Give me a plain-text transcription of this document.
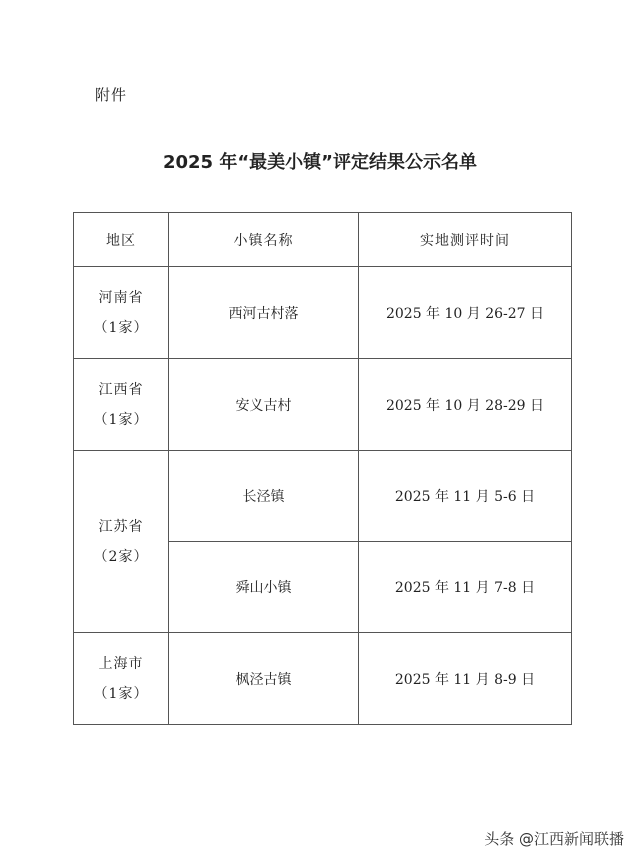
附件
2025 年“最美小镇”评定结果公示名单
地区	小镇名称	实地测评时间

河南省
（1家）	西河古村落	2025 年 10 月 26-27 日

江西省
（1家）	安义古村	2025 年 10 月 28-29 日

江苏省
（2家）	长泾镇	2025 年 11 月 5-6 日
	舜山小镇	2025 年 11 月 7-8 日

上海市
（1家）	枫泾古镇	2025 年 11 月 8-9 日
头条 @江西新闻联播
